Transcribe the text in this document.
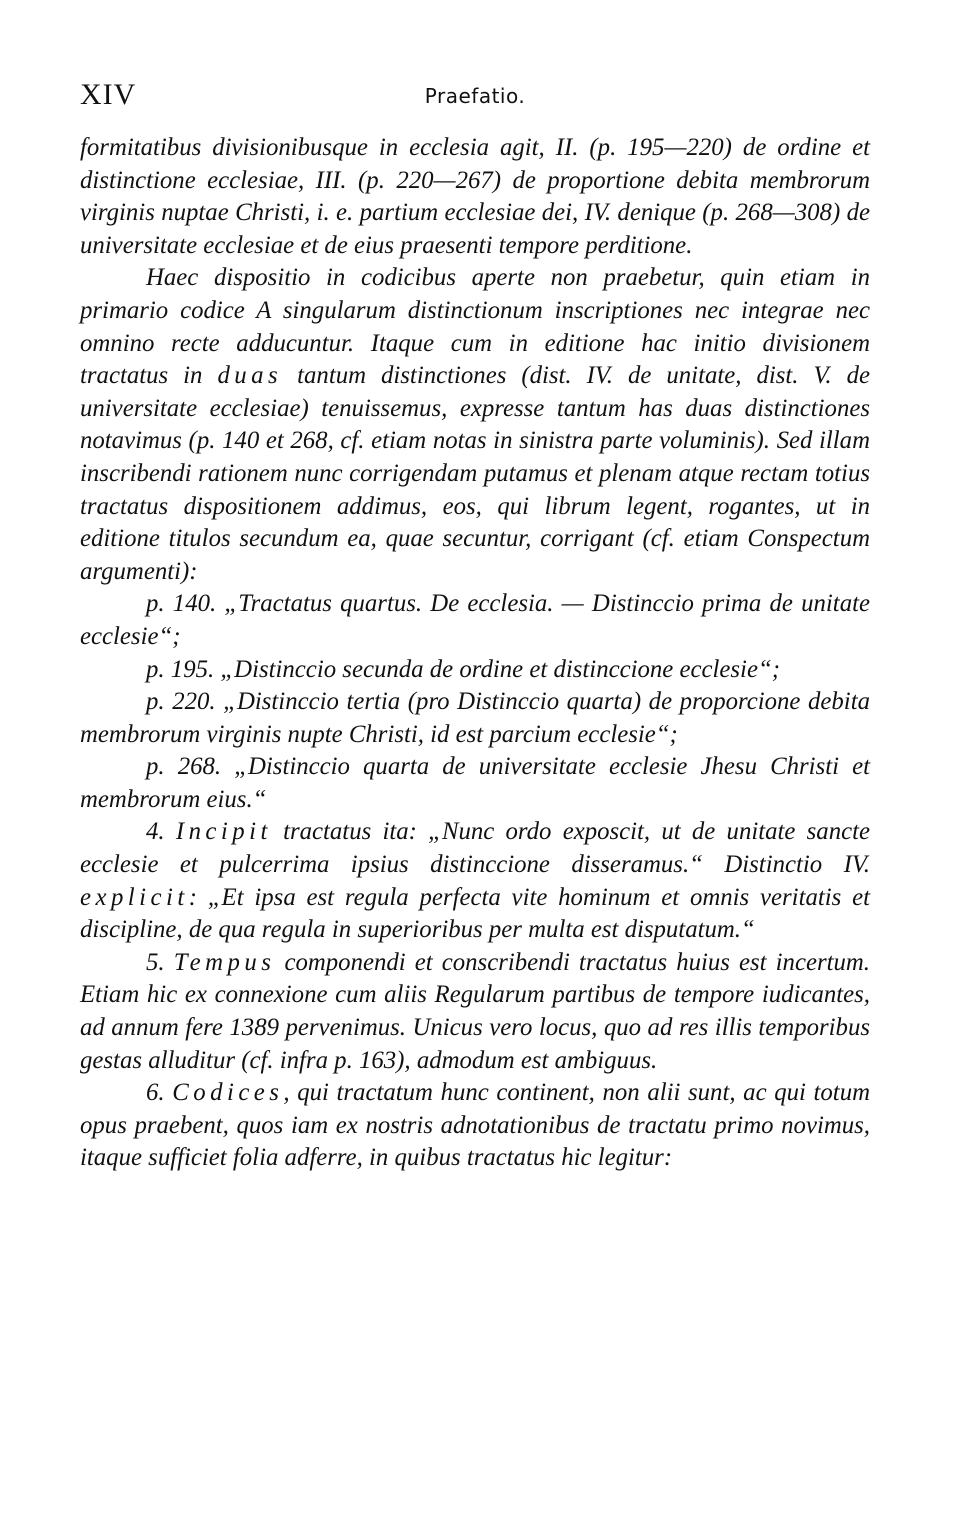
XIV	Praefatio.

formitatibus divisionibusque in ecclesia agit, II. (p. 195—220) de ordine et distinctione ecclesiae, III. (p. 220—267) de proportione debita membrorum virginis nuptae Christi, i. e. partium ecclesiae dei, IV. denique (p. 268—308) de universitate ecclesiae et de eius praesenti tempore perditione.

Haec dispositio in codicibus aperte non praebetur, quin etiam in primario codice A singularum distinctionum inscriptiones nec integrae nec omnino recte adducuntur. Itaque cum in editione hac initio divisionem tractatus in duas tantum distinctiones (dist. IV. de unitate, dist. V. de universitate ecclesiae) tenuissemus, expresse tantum has duas distinctiones notavimus (p. 140 et 268, cf. etiam notas in sinistra parte voluminis). Sed illam inscribendi rationem nunc corrigendam putamus et plenam atque rectam totius tractatus dispositionem addimus, eos, qui librum legent, rogantes, ut in editione titulos secundum ea, quae secuntur, corrigant (cf. etiam Conspectum argumenti):

p. 140. „Tractatus quartus. De ecclesia. — Distinccio prima de unitate ecclesie“;

p. 195. „Distinccio secunda de ordine et distinccione ecclesie“;

p. 220. „Distinccio tertia (pro Distinccio quarta) de proporcione debita membrorum virginis nupte Christi, id est parcium ecclesie“;

p. 268. „Distinccio quarta de universitate ecclesie Jhesu Christi et membrorum eius.“

4. Incipit tractatus ita: „Nunc ordo exposcit, ut de unitate sancte ecclesie et pulcerrima ipsius distinccione disseramus.“ Distinctio IV. explicit: „Et ipsa est regula perfecta vite hominum et omnis veritatis et discipline, de qua regula in superioribus per multa est disputatum.“

5. Tempus componendi et conscribendi tractatus huius est incertum. Etiam hic ex connexione cum aliis Regularum partibus de tempore iudicantes, ad annum fere 1389 pervenimus. Unicus vero locus, quo ad res illis temporibus gestas alluditur (cf. infra p. 163), admodum est ambiguus.

6. Codices, qui tractatum hunc continent, non alii sunt, ac qui totum opus praebent, quos iam ex nostris adnotationibus de tractatu primo novimus, itaque sufficiet folia adferre, in quibus tractatus hic legitur:
